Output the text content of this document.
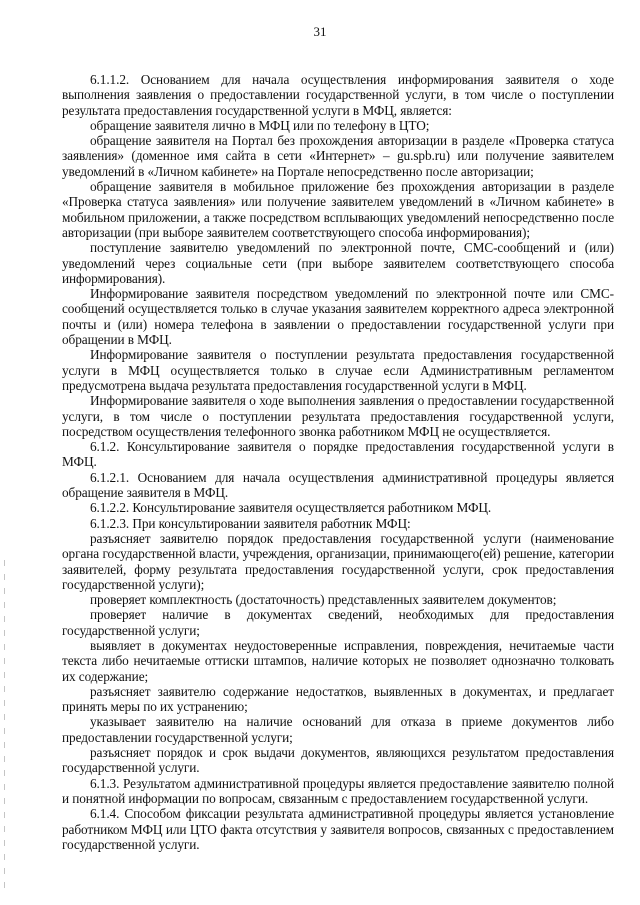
31

6.1.1.2. Основанием для начала осуществления информирования заявителя о ходе выполнения заявления о предоставлении государственной услуги, в том числе о поступлении результата предоставления государственной услуги в МФЦ, является:

обращение заявителя лично в МФЦ или по телефону в ЦТО;

обращение заявителя на Портал без прохождения авторизации в разделе «Проверка статуса заявления» (доменное имя сайта в сети «Интернет» – gu.spb.ru) или получение заявителем уведомлений в «Личном кабинете» на Портале непосредственно после авторизации;

обращение заявителя в мобильное приложение без прохождения авторизации в разделе «Проверка статуса заявления» или получение заявителем уведомлений в «Личном кабинете» в мобильном приложении, а также посредством всплывающих уведомлений непосредственно после авторизации (при выборе заявителем соответствующего способа информирования);

поступление заявителю уведомлений по электронной почте, СМС-сообщений и (или) уведомлений через социальные сети (при выборе заявителем соответствующего способа информирования).

Информирование заявителя посредством уведомлений по электронной почте или СМС-сообщений осуществляется только в случае указания заявителем корректного адреса электронной почты и (или) номера телефона в заявлении о предоставлении государственной услуги при обращении в МФЦ.

Информирование заявителя о поступлении результата предоставления государственной услуги в МФЦ осуществляется только в случае если Административным регламентом предусмотрена выдача результата предоставления государственной услуги в МФЦ.

Информирование заявителя о ходе выполнения заявления о предоставлении государственной услуги, в том числе о поступлении результата предоставления государственной услуги, посредством осуществления телефонного звонка работником МФЦ не осуществляется.

6.1.2. Консультирование заявителя о порядке предоставления государственной услуги в МФЦ.

6.1.2.1. Основанием для начала осуществления административной процедуры является обращение заявителя в МФЦ.

6.1.2.2. Консультирование заявителя осуществляется работником МФЦ.

6.1.2.3. При консультировании заявителя работник МФЦ:

разъясняет заявителю порядок предоставления государственной услуги (наименование органа государственной власти, учреждения, организации, принимающего(ей) решение, категории заявителей, форму результата предоставления государственной услуги, срок предоставления государственной услуги);

проверяет комплектность (достаточность) представленных заявителем документов;

проверяет наличие в документах сведений, необходимых для предоставления государственной услуги;

выявляет в документах неудостоверенные исправления, повреждения, нечитаемые части текста либо нечитаемые оттиски штампов, наличие которых не позволяет однозначно толковать их содержание;

разъясняет заявителю содержание недостатков, выявленных в документах, и предлагает принять меры по их устранению;

указывает заявителю на наличие оснований для отказа в приеме документов либо предоставлении государственной услуги;

разъясняет порядок и срок выдачи документов, являющихся результатом предоставления государственной услуги.

6.1.3. Результатом административной процедуры является предоставление заявителю полной и понятной информации по вопросам, связанным с предоставлением государственной услуги.

6.1.4. Способом фиксации результата административной процедуры является установление работником МФЦ или ЦТО факта отсутствия у заявителя вопросов, связанных с предоставлением государственной услуги.
